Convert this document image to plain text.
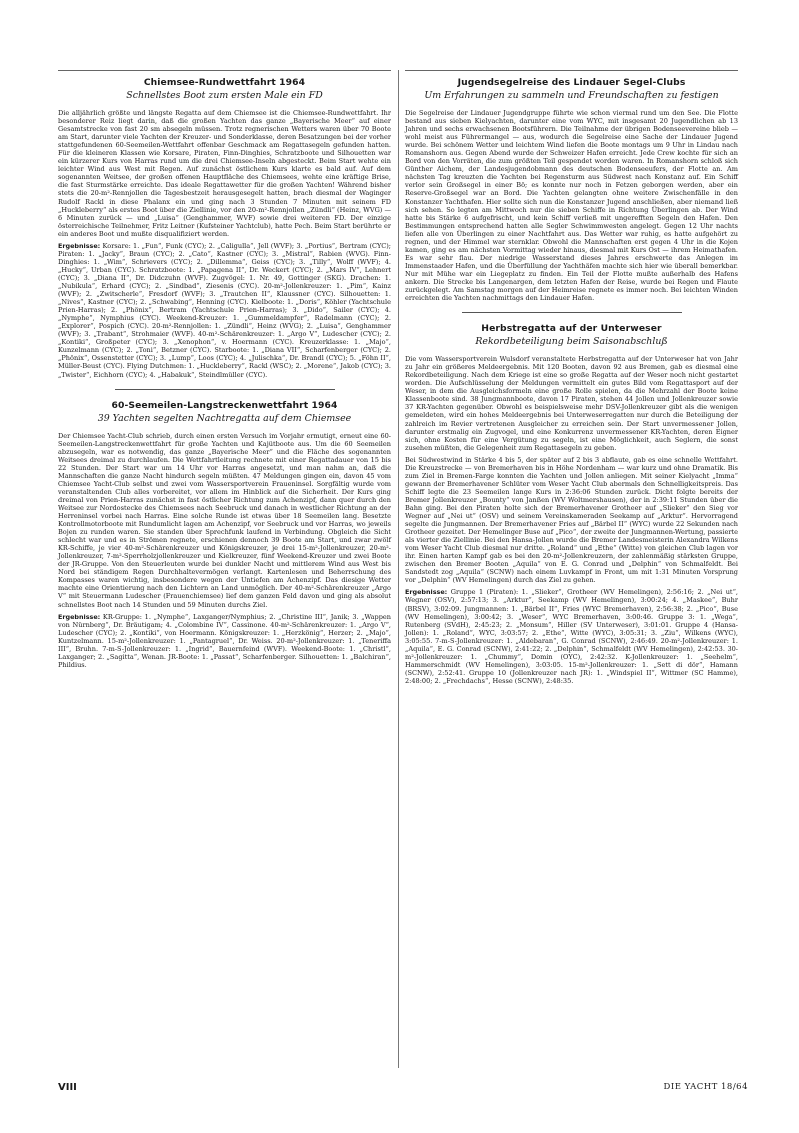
Chiemsee-Rundwettfahrt 1964
Schnellstes Boot zum ersten Male ein FD

Die alljährlich größte und längste Regatta auf dem Chiemsee ist die Chiemsee-Rundwettfahrt. Ihr besonderer Reiz liegt darin, daß die großen Yachten das ganze „Bayerische Meer“ auf einer Gesamtstrecke von fast 20 sm absegeln müssen. Trotz regnerischen Wetters waren über 70 Boote am Start, darunter viele Yachten der Kreuzer- und Sonderklasse, deren Besatzungen bei der vorher stattgefundenen 60-Seemeilen-Wettfahrt offenbar Geschmack am Regattasegeln gefunden hatten. Für die kleineren Klassen wie Korsare, Piraten, Finn-Dinghies, Schratzboote und Silhouetten war ein kürzerer Kurs von Harras rund um die drei Chiemsee-Inseln abgesteckt. Beim Start wehte ein leichter Wind aus West mit Regen. Auf zunächst östlichem Kurs klarte es bald auf. Auf dem sogenannten Weitsee, der großen offenen Hauptfläche des Chiemsees, wehte eine kräftige Brise, die fast Sturmstärke erreichte. Das ideale Regattawetter für die großen Yachten! Während bisher stets die 20-m²-Rennjollen die Tagesbestzeit herausgesegelt hatten, brach diesmal der Waginger Rudolf Rackl in diese Phalanx ein und ging nach 3 Stunden 7 Minuten mit seinem FD „Huckleberry“ als erstes Boot über die Ziellinie, vor den 20-m²-Rennjollen „Zündli“ (Heinz, WVG) — 6 Minuten zurück — und „Luisa“ (Genghammer, WVF) sowie drei weiteren FD. Der einzige österreichische Teilnehmer, Fritz Leitner (Kufsteiner Yachtclub), hatte Pech. Beim Start berührte er ein anderes Boot und mußte disqualifiziert werden.

Ergebnisse: Korsare: 1. „Fun“, Funk (CYC); 2. „Caligulla“, Jell (WVF); 3. „Portius“, Bertram (CYC); Piraten: 1. „Jacky“, Braun (CYC); 2. „Cato“, Kastner (CYC); 3. „Mistral“, Rabien (WVG). Finn-Dinghies: 1. „Wim“, Schrievers (CYC); 2. „Dillemma“, Geiss (CYC); 3. „Tilly“, Wolff (WVF); 4. „Hucky“, Urban (CYC). Schratzboote: 1. „Papagena II“, Dr. Weckert (CYC); 2. „Mars IV“, Lehnert (CYC); 3. „Diana II“, Dr. Didczuhn (WVF). Zugvögel: 1. Nr. 49, Gottinger (SKG). Drachen: 1. „Nubikula“, Erhard (CYC); 2. „Sindbad“, Ziesenis (CYC). 20-m²-Jollenkreuzer: 1. „Pim“, Kainz (WVF); 2. „Zwitscherle“, Fresdorf (WVF); 3. „Trautchen II“, Klaussner (CYC). Silhouetten: 1. „Nives“, Kastner (CYC); 2. „Schwabing“, Henning (CYC). Kielboote: 1. „Doris“, Köhler (Yachtschule Prien-Harras); 2. „Phönix“, Bertram (Yachtschule Prien-Harras); 3. „Dido“, Sailer (CYC); 4. „Nymphe“, Nymphius (CYC). Weekend-Kreuzer: 1. „Gummeldampfer“, Radelmann (CYC); 2. „Explorer“, Pospich (CYC). 20-m²-Rennjollen: 1. „Zündli“, Heinz (WVG); 2. „Luisa“, Genghammer (WVF); 3. „Trabant“, Strohmaier (WVF). 40-m²-Schärenkreuzer: 1. „Argo V“, Ludescher (CYC); 2. „Kontiki“, Großpeter (CYC); 3. „Xenophon“, v. Hoermann (CYC). Kreuzerklasse: 1. „Majo“, Kunzelmann (CYC); 2. „Toni“, Betzner (CYC). Starboote: 1. „Diana VII“, Scharfenberger (CYC); 2. „Phönix“, Ossenstetter (CYC); 3. „Lump“, Loos (CYC); 4. „Julischka“, Dr. Brandl (CYC); 5. „Föhn II“, Müller-Beust (CYC). Flying Dutchmen: 1. „Huckleberry“, Rackl (WSC); 2. „Morene“, Jakob (CYC); 3. „Twister“, Eichhorn (CYC); 4. „Habakuk“, Steindlmüller (CYC).
60-Seemeilen-Langstreckenwettfahrt 1964
39 Yachten segelten Nachtregatta auf dem Chiemsee

Der Chiemsee Yacht-Club schrieb, durch einen ersten Versuch im Vorjahr ermutigt, erneut eine 60-Seemeilen-Langstreckenwettfahrt für große Yachten und Kajütboote aus. Um die 60 Seemeilen abzusegeln, war es notwendig, das ganze „Bayerische Meer“ und die Fläche des sogenannten Weitsees dreimal zu durchlaufen. Die Wettfahrtleitung rechnete mit einer Regattadauer von 15 bis 22 Stunden. Der Start war um 14 Uhr vor Harras angesetzt, und man nahm an, daß die Mannschaften die ganze Nacht hindurch segeln müßten. 47 Meldungen gingen ein, davon 45 vom Chiemsee Yacht-Club selbst und zwei vom Wassersportverein Fraueninsel. Sorgfältig wurde vom veranstaltenden Club alles vorbereitet, vor allem im Hinblick auf die Sicherheit. Der Kurs ging dreimal von Prien-Harras zunächst in fast östlicher Richtung zum Achenzipf, dann quer durch den Weitsee zur Nordostecke des Chiemsees nach Seebruck und danach in westlicher Richtung an der Herreninsel vorbei nach Harras. Eine solche Runde ist etwas über 18 Seemeilen lang. Besetzte Kontrollmotorboote mit Rundumlicht lagen am Achenzipf, vor Seebruck und vor Harras, wo jeweils Bojen zu runden waren. Sie standen über Sprechfunk laufend in Verbindung. Obgleich die Sicht schlecht war und es in Strömen regnete, erschienen dennoch 39 Boote am Start, und zwar zwölf KR-Schiffe, je vier 40-m²-Schärenkreuzer und Königskreuzer, je drei 15-m²-Jollenkreuzer, 20-m²-Jollenkreuzer, 7-m²-Sperrholzjollenkreuzer und Kielkreuzer, fünf Weekend-Kreuzer und zwei Boote der JR-Gruppe. Von den Steuerleuten wurde bei dunkler Nacht und mittlerem Wind aus West bis Nord bei ständigem Regen Durchhaltevermögen verlangt. Kartenlesen und Beherrschung des Kompasses waren wichtig, insbesondere wegen der Untiefen am Achenzipf. Das diesige Wetter machte eine Orientierung nach den Lichtern an Land unmöglich. Der 40-m²-Schärenkreuzer „Argo V“ mit Steuermann Ludescher (Frauenchiemsee) lief dem ganzen Feld davon und ging als absolut schnellstes Boot nach 14 Stunden und 59 Minuten durchs Ziel.

Ergebnisse: KR-Gruppe: 1. „Nymphe“, Laxganger/Nymphius; 2. „Christine III“, Janik; 3. „Wappen von Nürnberg“, Dr. Bräutigam; 4. „Colombine IV“, Cassinone. 40-m²-Schärenkreuzer: 1. „Argo V“, Ludescher (CYC); 2. „Kontiki“, von Hoermann. Königskreuzer: 1. „Herzkönig“, Herzer; 2. „Majo“, Kuntzelmann. 15-m²-Jollenkreuzer: 1. „Pantagruel“, Dr. Weiss. 20-m²-Jollenkreuzer: 1. „Teneriffa III“, Bruhn. 7-m-S-Jollenkreuzer: 1. „Ingrid“, Bauernfeind (WVF). Weekend-Boote: 1. „Christl“, Laxganger; 2. „Sagitta“, Wenan. JR-Boote: 1. „Passat“, Scharfenberger. Silhouetten: 1. „Balchiran“, Phildius.
Jugendsegelreise des Lindauer Segel-Clubs
Um Erfahrungen zu sammeln und Freundschaften zu festigen

Die Segelreise der Lindauer Jugendgruppe führte wie schon viermal rund um den See. Die Flotte bestand aus sieben Kielyachten, darunter eine vom WYC, mit insgesamt 20 Jugendlichen ab 13 Jahren und sechs erwachsenen Bootsführern. Die Teilnahme der übrigen Bodenseevereine blieb — wohl meist aus Führermangel — aus, wodurch die Segelreise eine Sache der Lindauer Jugend wurde. Bei schönem Wetter und leichtem Wind liefen die Boote montags um 9 Uhr in Lindau nach Romanshorn aus. Gegen Abend wurde der Schweizer Hafen erreicht. Jede Crew kochte für sich an Bord von den Vorräten, die zum größten Teil gespendet worden waren. In Romanshorn schloß sich Günther Aichem, der Landesjugendobmann des deutschen Bodenseeufers, der Flotte an. Am nächsten Tag kreuzten die Yachten bei Regensturm aus Südwest nach Konstanz auf. Ein Schiff verlor sein Großsegel in einer Bö; es konnte nur noch in Fetzen geborgen werden, aber ein Reserve-Großsegel war an Bord. Die Yachten gelangten ohne weitere Zwischenfälle in den Konstanzer Yachthafen. Hier sollte sich nun die Konstanzer Jugend anschließen, aber niemand ließ sich sehen. So legten am Mittwoch nur die sieben Schiffe in Richtung Überlingen ab. Der Wind hatte bis Stärke 6 aufgefrischt, und kein Schiff verließ mit ungerefften Segeln den Hafen. Den Bestimmungen entsprechend hatten alle Segler Schwimmwesten angelegt. Gegen 12 Uhr nachts liefen alle von Überlingen zu einer Nachtfahrt aus. Das Wetter war ruhig, es hatte aufgehört zu regnen, und der Himmel war sternklar. Obwohl die Mannschaften erst gegen 4 Uhr in die Kojen kamen, ging es am nächsten Vormittag wieder hinaus, diesmal mit Kurs Ost — ihrem Heimathafen. Es war sehr flau. Der niedrige Wasserstand dieses Jahres erschwerte das Anlegen im Immenstaader Hafen, und die Überfüllung der Yachthäfen machte sich hier wie überall bemerkbar. Nur mit Mühe war ein Liegeplatz zu finden. Ein Teil der Flotte mußte außerhalb des Hafens ankern. Die Strecke bis Langenargen, dem letzten Hafen der Reise, wurde bei Regen und Flaute zurückgelegt. Am Samstag morgen auf der Heimreise regnete es immer noch. Bei leichten Winden erreichten die Yachten nachmittags den Lindauer Hafen.

Herbstregatta auf der Unterweser
Rekordbeteiligung beim Saisonabschluß

Die vom Wassersportverein Wulsdorf veranstaltete Herbstregatta auf der Unterweser hat von Jahr zu Jahr ein größeres Meldeergebnis. Mit 120 Booten, davon 92 aus Bremen, gab es diesmal eine Rekordbeteiligung. Nach dem Kriege ist eine so große Regatta auf der Weser noch nicht gestartet worden. Die Aufschlüsselung der Meldungen vermittelt ein gutes Bild vom Regattasport auf der Weser, in dem die Ausgleichsformeln eine große Rolle spielen, da die Mehrzahl der Boote keine Klassenboote sind. 38 Jungmannboote, davon 17 Piraten, stehen 44 Jollen und Jollenkreuzer sowie 37 KR-Yachten gegenüber. Obwohl es beispielsweise mehr DSV-Jollenkreuzer gibt als die wenigen gemeldeten, wird ein hohes Meldeergebnis bei Unterweserregatten nur durch die Beteiligung der zahlreich im Revier vertretenen Ausgleicher zu erreichen sein. Der Start unvermessener Jollen, darunter erstmalig ein Zugvogel, und eine Konkurrenz unvermessener KR-Yachten, deren Eigner sich, ohne Kosten für eine Vergütung zu segeln, ist eine Möglichkeit, auch Seglern, die sonst zusehen müßten, die Gelegenheit zum Regattasegeln zu geben.

Bei Südwestwind in Stärke 4 bis 5, der später auf 2 bis 3 abflaute, gab es eine schnelle Wettfahrt. Die Kreuzstrecke — von Bremerhaven bis in Höhe Nordenham — war kurz und ohne Dramatik. Bis zum Ziel in Bremen-Farge konnten die Yachten und Jollen anliegen. Mit seiner Kielyacht „Imma“ gewann der Bremerhavener Schlüter vom Weser Yacht Club abermals den Schnelligkeitspreis. Das Schiff legte die 23 Seemeilen lange Kurs in 2:36:06 Stunden zurück. Dicht folgte bereits der Bremer Jollenkreuzer „Bounty“ von Janßen (WV Woltmershausen), der in 2:39:11 Stunden über die Bahn ging. Bei den Piraten holte sich der Bremerhavener Grotheer auf „Slieker“ den Sieg vor Wegner auf „Nei ut“ (OSV) und seinem Vereinskameraden Seekamp auf „Arktur“. Hervorragend segelte die Jungmannen. Der Bremerhavener Fries auf „Bärbel II“ (WYC) wurde 22 Sekunden nach Grotheer gezeitet. Der Hemelinger Buse auf „Pico“, der zweite der Jungmannen-Wertung, passierte als vierter die Ziellinie. Bei den Hansa-Jollen wurde die Bremer Landesmeisterin Alexandra Wilkens vom Weser Yacht Club diesmal nur dritte. „Roland“ und „Ethe“ (Witte) von gleichen Club lagen vor ihr. Einen harten Kampf gab es bei den 20-m²-Jollenkreuzern, der zahlenmäßig stärksten Gruppe, zwischen den Bremer Booten „Aquila“ von E. G. Conrad und „Delphin“ von Schmalfeldt. Bei Sandstedt zog „Aquila“ (SCNW) nach einem Luvkampf in Front, um mit 1:31 Minuten Vorsprung vor „Delphin“ (WV Hemelingen) durch das Ziel zu gehen.

Ergebnisse: Gruppe 1 (Piraten): 1. „Slieker“, Grotheer (WV Hemelingen), 2:56:16; 2. „Nei ut“, Wegner (OSV), 2:57:13; 3. „Arktur“, Seekamp (WV Hemelingen), 3:00:24; 4. „Maskee“, Buhr (BRSV), 3:02:09. Jungmannen: 1. „Bärbel II“, Fries (WYC Bremerhaven), 2:56:38; 2. „Pico“, Buse (WV Hemelingen), 3:00:42; 3. „Weser“, WYC Bremerhaven, 3:00:46. Gruppe 3: 1. „Wega“, Rutenberg (SVdH), 2:45:23; 2. „Monsum“, Hiller (SV Unterweser), 3:01:01. Gruppe 4 (Hansa-Jollen): 1. „Roland“, WYC, 3:03:57; 2. „Ethe“, Witte (WYC), 3:05:31; 3. „Ziu“, Wilkens (WYC), 3:05:55. 7-m-S-Jollenkreuzer: 1. „Aldebaran“, G. Conrad (SCNW), 2:46:49. 20-m²-Jollenkreuzer: 1. „Aquila“, E. G. Conrad (SCNW), 2:41:22; 2. „Delphin“, Schmalfeldt (WV Hemelingen), 2:42:53. 30-m²-Jollenkreuzer: 1. „Chummy“, Domin (OYC), 2:42:32. K-Jollenkreuzer: 1. „Seehelm“, Hammerschmidt (WV Hemelingen), 3:03:05. 15-m²-Jollenkreuzer: 1. „Sett di dör“, Hamann (SCNW), 2:52:41. Gruppe 10 (Jollenkreuzer nach JR): 1. „Windspiel II“, Wittmer (SC Hamme), 2:48:00; 2. „Frechdachs“, Hesse (SCNW), 2:48:35.
VIII	DIE YACHT 18/64
